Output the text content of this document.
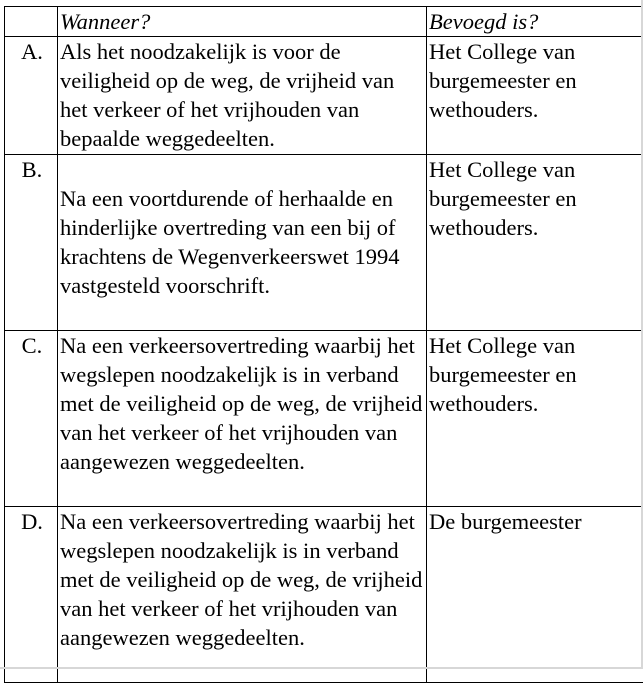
	Wanneer?	Bevoegd is?
A.	Als het noodzakelijk is voor de veiligheid op de weg, de vrijheid van het verkeer of het vrijhouden van bepaalde weggedeelten.	Het College van burgemeester en wethouders.
B.	Na een voortdurende of herhaalde en hinderlijke overtreding van een bij of krachtens de Wegenverkeerswet 1994 vastgesteld voorschrift.	Het College van burgemeester en wethouders.
C.	Na een verkeersovertreding waarbij het wegslepen noodzakelijk is in verband met de veiligheid op de weg, de vrijheid van het verkeer of het vrijhouden van aangewezen weggedeelten.	Het College van burgemeester en wethouders.
D.	Na een verkeersovertreding waarbij het wegslepen noodzakelijk is in verband met de veiligheid op de weg, de vrijheid van het verkeer of het vrijhouden van aangewezen weggedeelten.	De burgemeester
